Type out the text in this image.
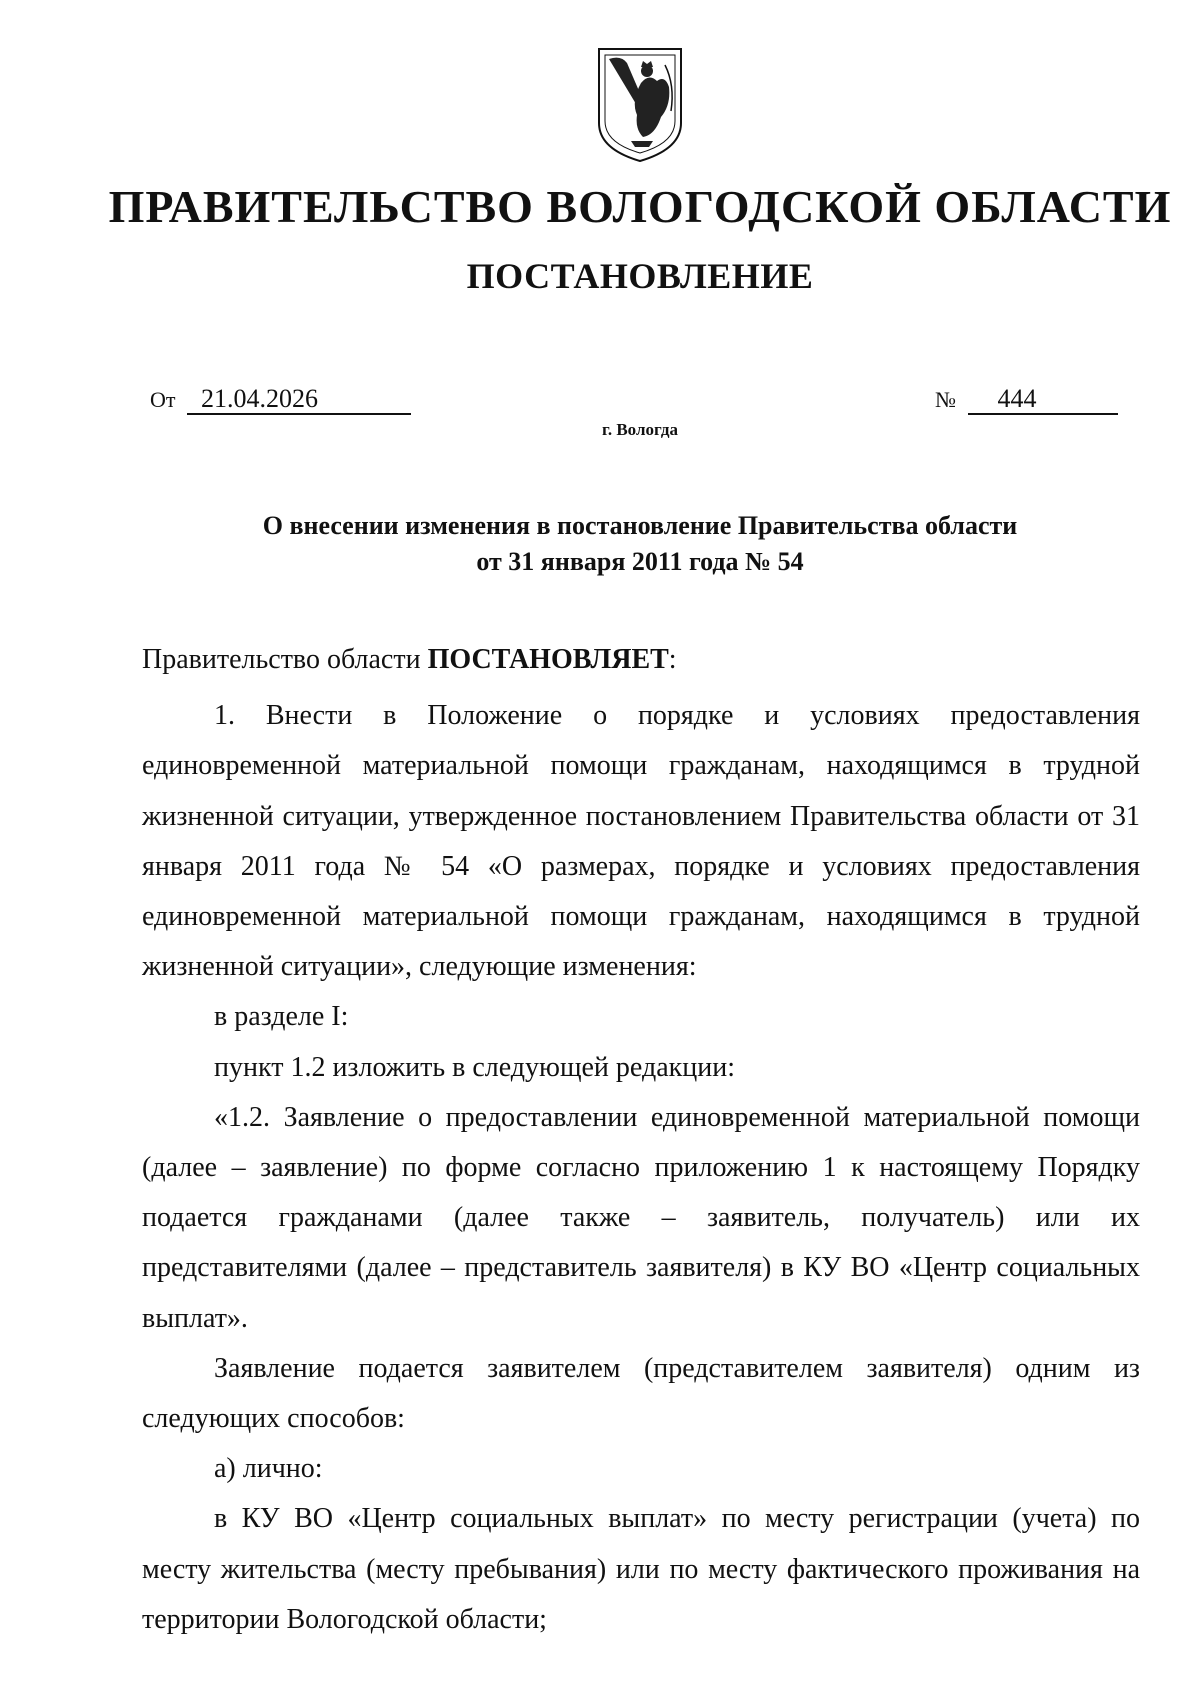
ПРАВИТЕЛЬСТВО ВОЛОГОДСКОЙ ОБЛАСТИ
ПОСТАНОВЛЕНИЕ
От 21.04.2026	№ 444
г. Вологда
О внесении изменения в постановление Правительства области
от 31 января 2011 года № 54

Правительство области ПОСТАНОВЛЯЕТ:

1. Внести в Положение о порядке и условиях предоставления единовременной материальной помощи гражданам, находящимся в трудной жизненной ситуации, утвержденное постановлением Правительства области от 31 января 2011 года № 54 «О размерах, порядке и условиях предоставления единовременной материальной помощи гражданам, находящимся в трудной жизненной ситуации», следующие изменения:

в разделе I:

пункт 1.2 изложить в следующей редакции:

«1.2. Заявление о предоставлении единовременной материальной помощи (далее – заявление) по форме согласно приложению 1 к настоящему Порядку подается гражданами (далее также – заявитель, получатель) или их представителями (далее – представитель заявителя) в КУ ВО «Центр социальных выплат».

Заявление подается заявителем (представителем заявителя) одним из следующих способов:

а) лично:

в КУ ВО «Центр социальных выплат» по месту регистрации (учета) по месту жительства (месту пребывания) или по месту фактического проживания на территории Вологодской области;
